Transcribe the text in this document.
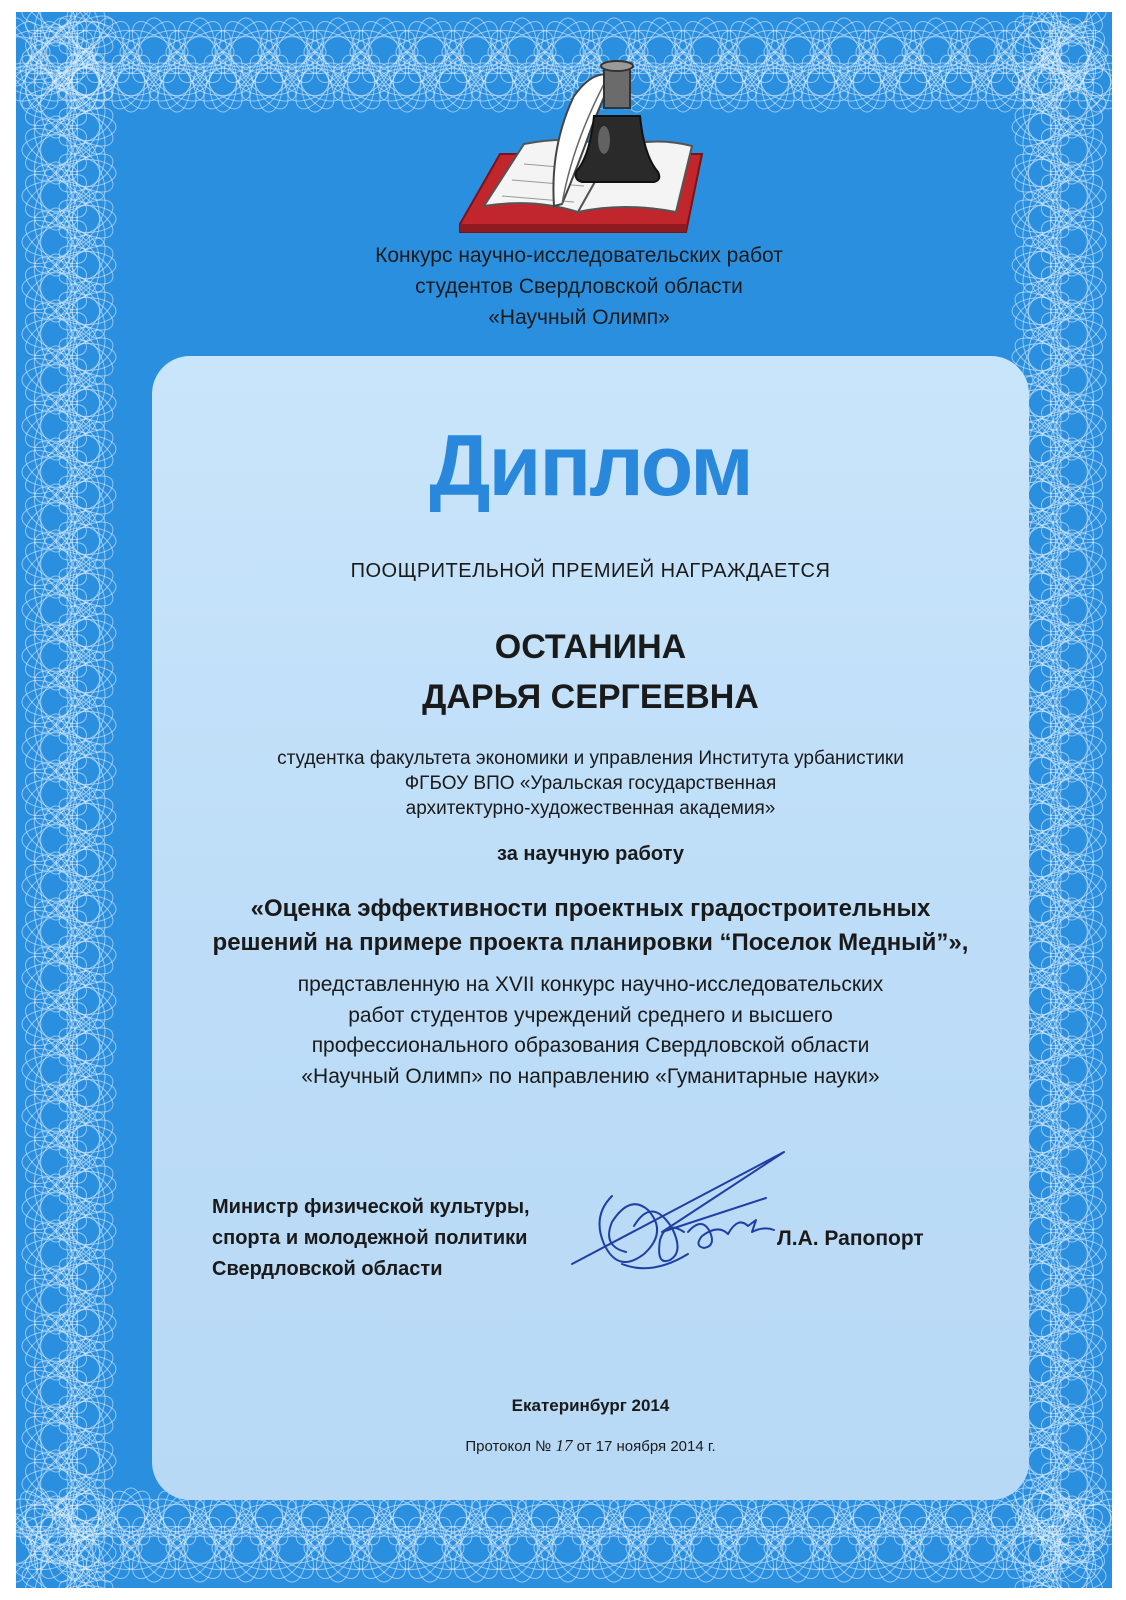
Конкурс научно-исследовательских работ
студентов Свердловской области
«Научный Олимп»
Диплом
ПООЩРИТЕЛЬНОЙ ПРЕМИЕЙ НАГРАЖДАЕТСЯ
ОСТАНИНА
ДАРЬЯ СЕРГЕЕВНА
студентка факультета экономики и управления Института урбанистики
ФГБОУ ВПО «Уральская государственная
архитектурно-художественная академия»
за научную работу
«Оценка эффективности проектных градостроительных
решений на примере проекта планировки “Поселок Медный”»,
представленную на XVII конкурс научно-исследовательских
работ студентов учреждений среднего и высшего
профессионального образования Свердловской области
«Научный Олимп» по направлению «Гуманитарные науки»
Министр физической культуры,
спорта и молодежной политики
Свердловской области
Л.А. Рапопорт
Екатеринбург 2014
Протокол № 17 от 17 ноября 2014 г.
